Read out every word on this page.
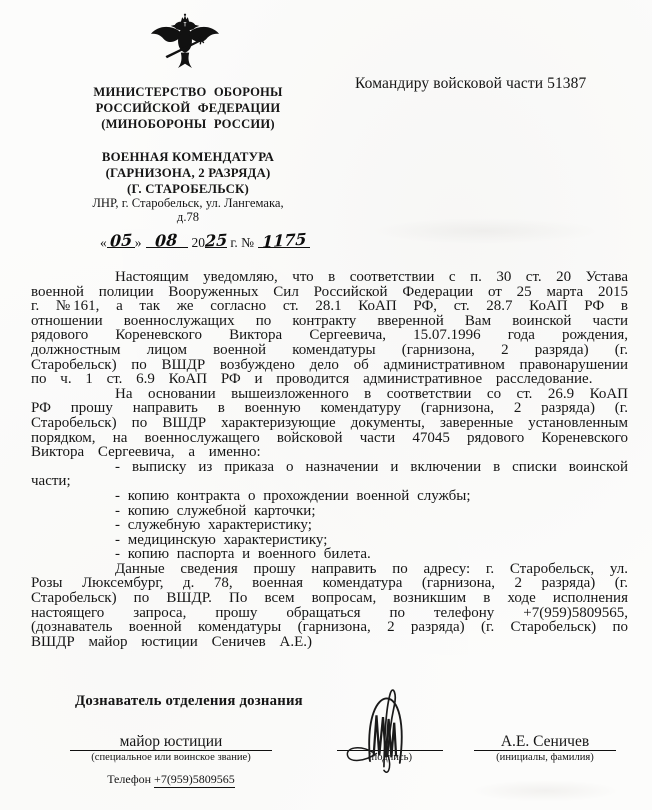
МИНИСТЕРСТВО ОБОРОНЫ
РОССИЙСКОЙ ФЕДЕРАЦИИ
(МИНОБОРОНЫ РОССИИ)
ВОЕННАЯ КОМЕНДАТУРА
(ГАРНИЗОНА, 2 РАЗРЯДА)
(Г. СТАРОБЕЛЬСК)
ЛНР, г. Старобельск, ул. Лангемака,
д.78
« 05 » 08 2025 г. № 1175
Командиру войсковой части 51387

Настоящим уведомляю, что в соответствии с п. 30 ст. 20 Устава военной полиции Вооруженных Сил Российской Федерации от 25 марта 2015 г. №161, а так же согласно ст. 28.1 КоАП РФ, ст. 28.7 КоАП РФ в отношении военнослужащих по контракту вверенной Вам воинской части рядового Кореневского Виктора Сергеевича, 15.07.1996 года рождения, должностным лицом военной комендатуры (гарнизона, 2 разряда) (г. Старобельск) по ВШДР возбуждено дело об административном правонарушении по ч. 1 ст. 6.9 КоАП РФ и проводится административное расследование.

На основании вышеизложенного в соответствии со ст. 26.9 КоАП РФ прошу направить в военную комендатуру (гарнизона, 2 разряда) (г. Старобельск) по ВШДР характеризующие документы, заверенные установленным порядком, на военнослужащего войсковой части 47045 рядового Кореневского Виктора Сергеевича, а именно:

- выписку из приказа о назначении и включении в списки воинской части;

- копию контракта о прохождении военной службы;

- копию служебной карточки;

- служебную характеристику;

- медицинскую характеристику;

- копию паспорта и военного билета.

Данные сведения прошу направить по адресу: г. Старобельск, ул. Розы Люксембург, д. 78, военная комендатура (гарнизона, 2 разряда) (г. Старобельск) по ВШДР. По всем вопросам, возникшим в ходе исполнения настоящего запроса, прошу обращаться по телефону +7(959)5809565, (дознаватель военной комендатуры (гарнизона, 2 разряда) (г. Старобельск) по ВШДР майор юстиции Сеничев А.Е.)

Дознаватель отделения дознания
майор юстиции
(специальное или воинское звание)
Телефон +7(959)5809565
(подпись)
А.Е. Сеничев
(инициалы, фамилия)
